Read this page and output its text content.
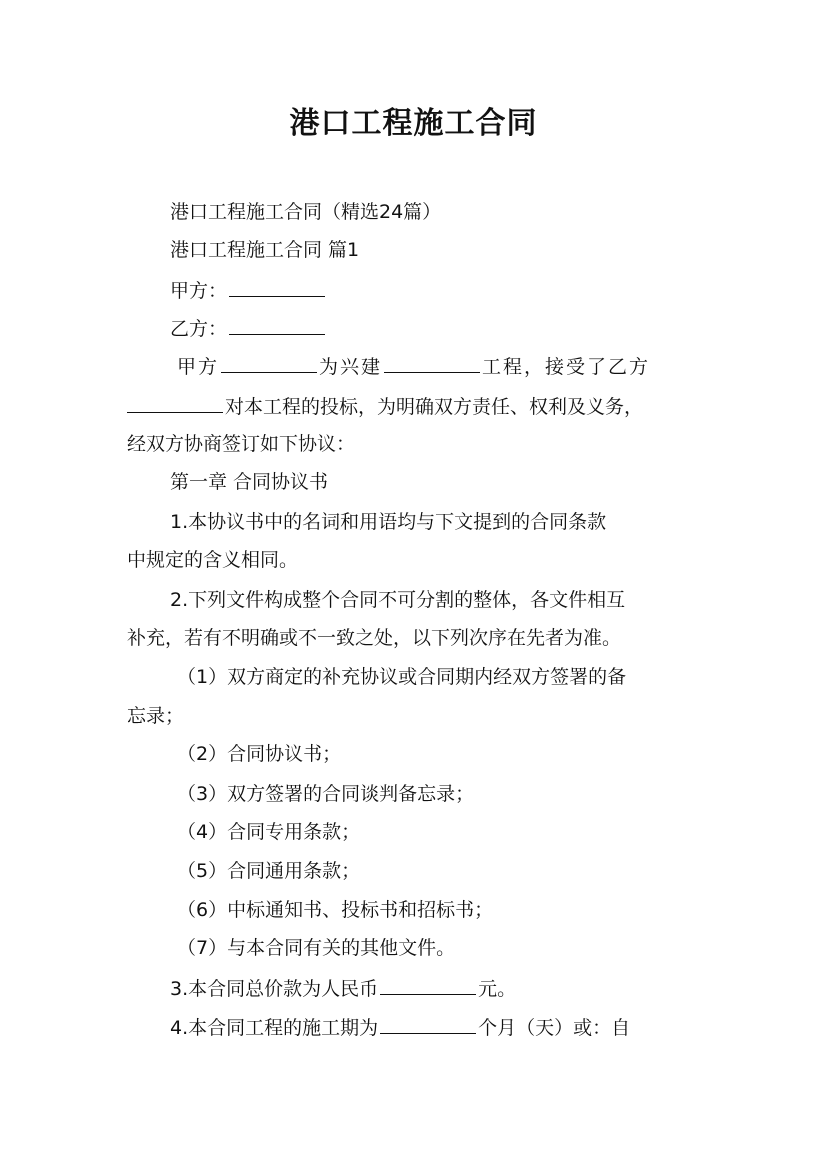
港口工程施工合同
港口工程施工合同（精选24篇）
港口工程施工合同 篇1
甲方：
乙方：
甲方	为兴建	工程，接受了乙方
对本工程的投标，为明确双方责任、权利及义务，
经双方协商签订如下协议：
第一章 合同协议书
1.本协议书中的名词和用语均与下文提到的合同条款
中规定的含义相同。
2.下列文件构成整个合同不可分割的整体，各文件相互
补充，若有不明确或不一致之处，以下列次序在先者为准。
（1）双方商定的补充协议或合同期内经双方签署的备
忘录；
（2）合同协议书；
（3）双方签署的合同谈判备忘录；
（4）合同专用条款；
（5）合同通用条款；
（6）中标通知书、投标书和招标书；
（7）与本合同有关的其他文件。
3.本合同总价款为人民币	元。
4.本合同工程的施工期为	个月（天）或：自
